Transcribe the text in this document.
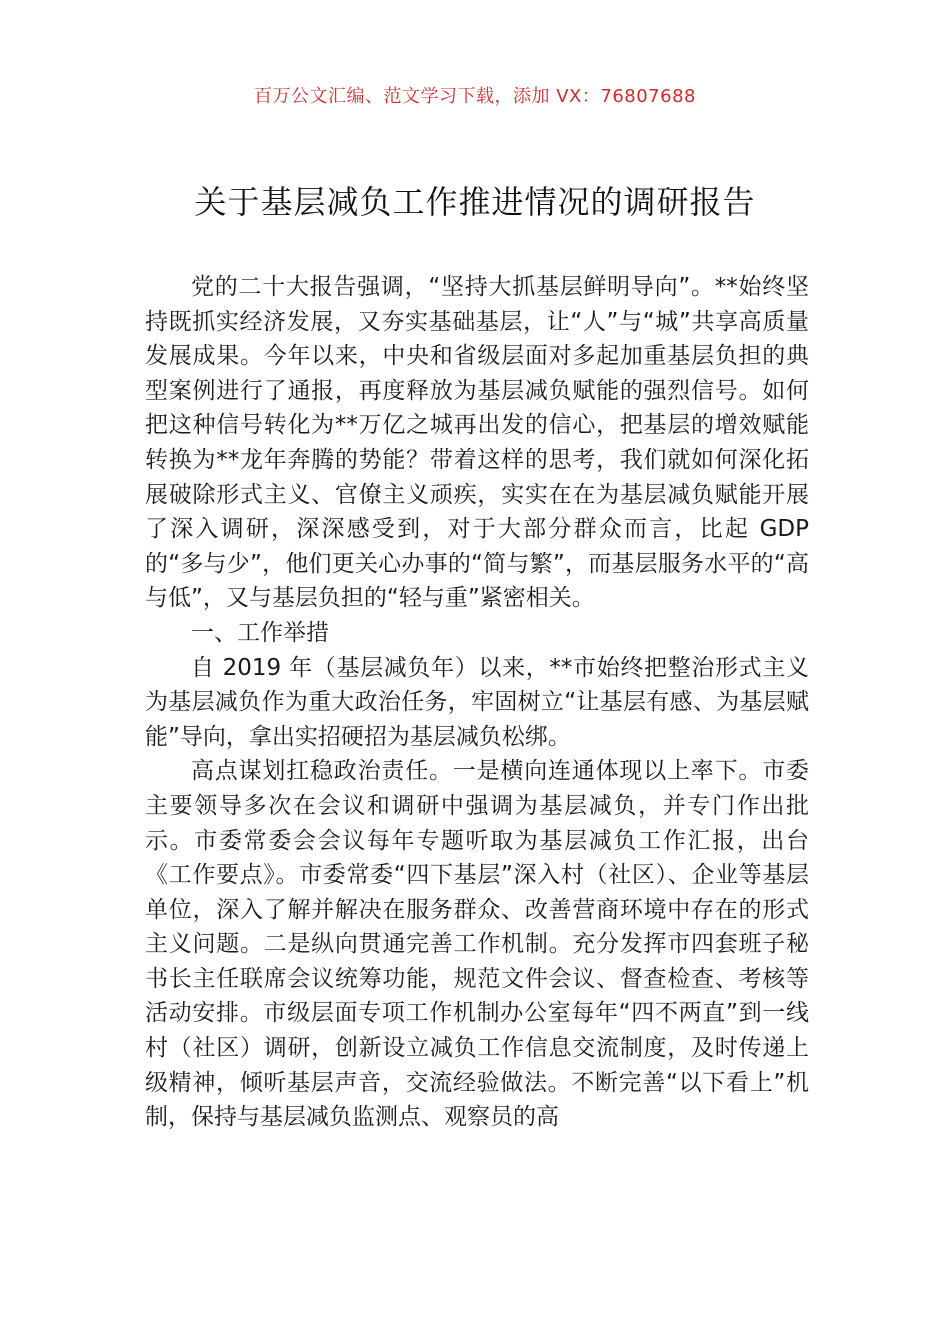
百万公文汇编、范文学习下载，添加 VX：76807688
关于基层减负工作推进情况的调研报告

党的二十大报告强调，“坚持大抓基层鲜明导向”。**始终坚持既抓实经济发展，又夯实基础基层，让“人”与“城”共享高质量发展成果。今年以来，中央和省级层面对多起加重基层负担的典型案例进行了通报，再度释放为基层减负赋能的强烈信号。如何把这种信号转化为**万亿之城再出发的信心，把基层的增效赋能转换为**龙年奔腾的势能？带着这样的思考，我们就如何深化拓展破除形式主义、官僚主义顽疾，实实在在为基层减负赋能开展了深入调研，深深感受到，对于大部分群众而言，比起 GDP 的“多与少”，他们更关心办事的“简与繁”，而基层服务水平的“高与低”，又与基层负担的“轻与重”紧密相关。

一、工作举措

自 2019 年（基层减负年）以来，**市始终把整治形式主义为基层减负作为重大政治任务，牢固树立“让基层有感、为基层赋能”导向，拿出实招硬招为基层减负松绑。

高点谋划扛稳政治责任。一是横向连通体现以上率下。市委主要领导多次在会议和调研中强调为基层减负，并专门作出批示。市委常委会会议每年专题听取为基层减负工作汇报，出台《工作要点》。市委常委“四下基层”深入村（社区）、企业等基层单位，深入了解并解决在服务群众、改善营商环境中存在的形式主义问题。二是纵向贯通完善工作机制。充分发挥市四套班子秘书长主任联席会议统筹功能，规范文件会议、督查检查、考核等活动安排。市级层面专项工作机制办公室每年“四不两直”到一线村（社区）调研，创新设立减负工作信息交流制度，及时传递上级精神，倾听基层声音，交流经验做法。不断完善“以下看上”机制，保持与基层减负监测点、观察员的高
